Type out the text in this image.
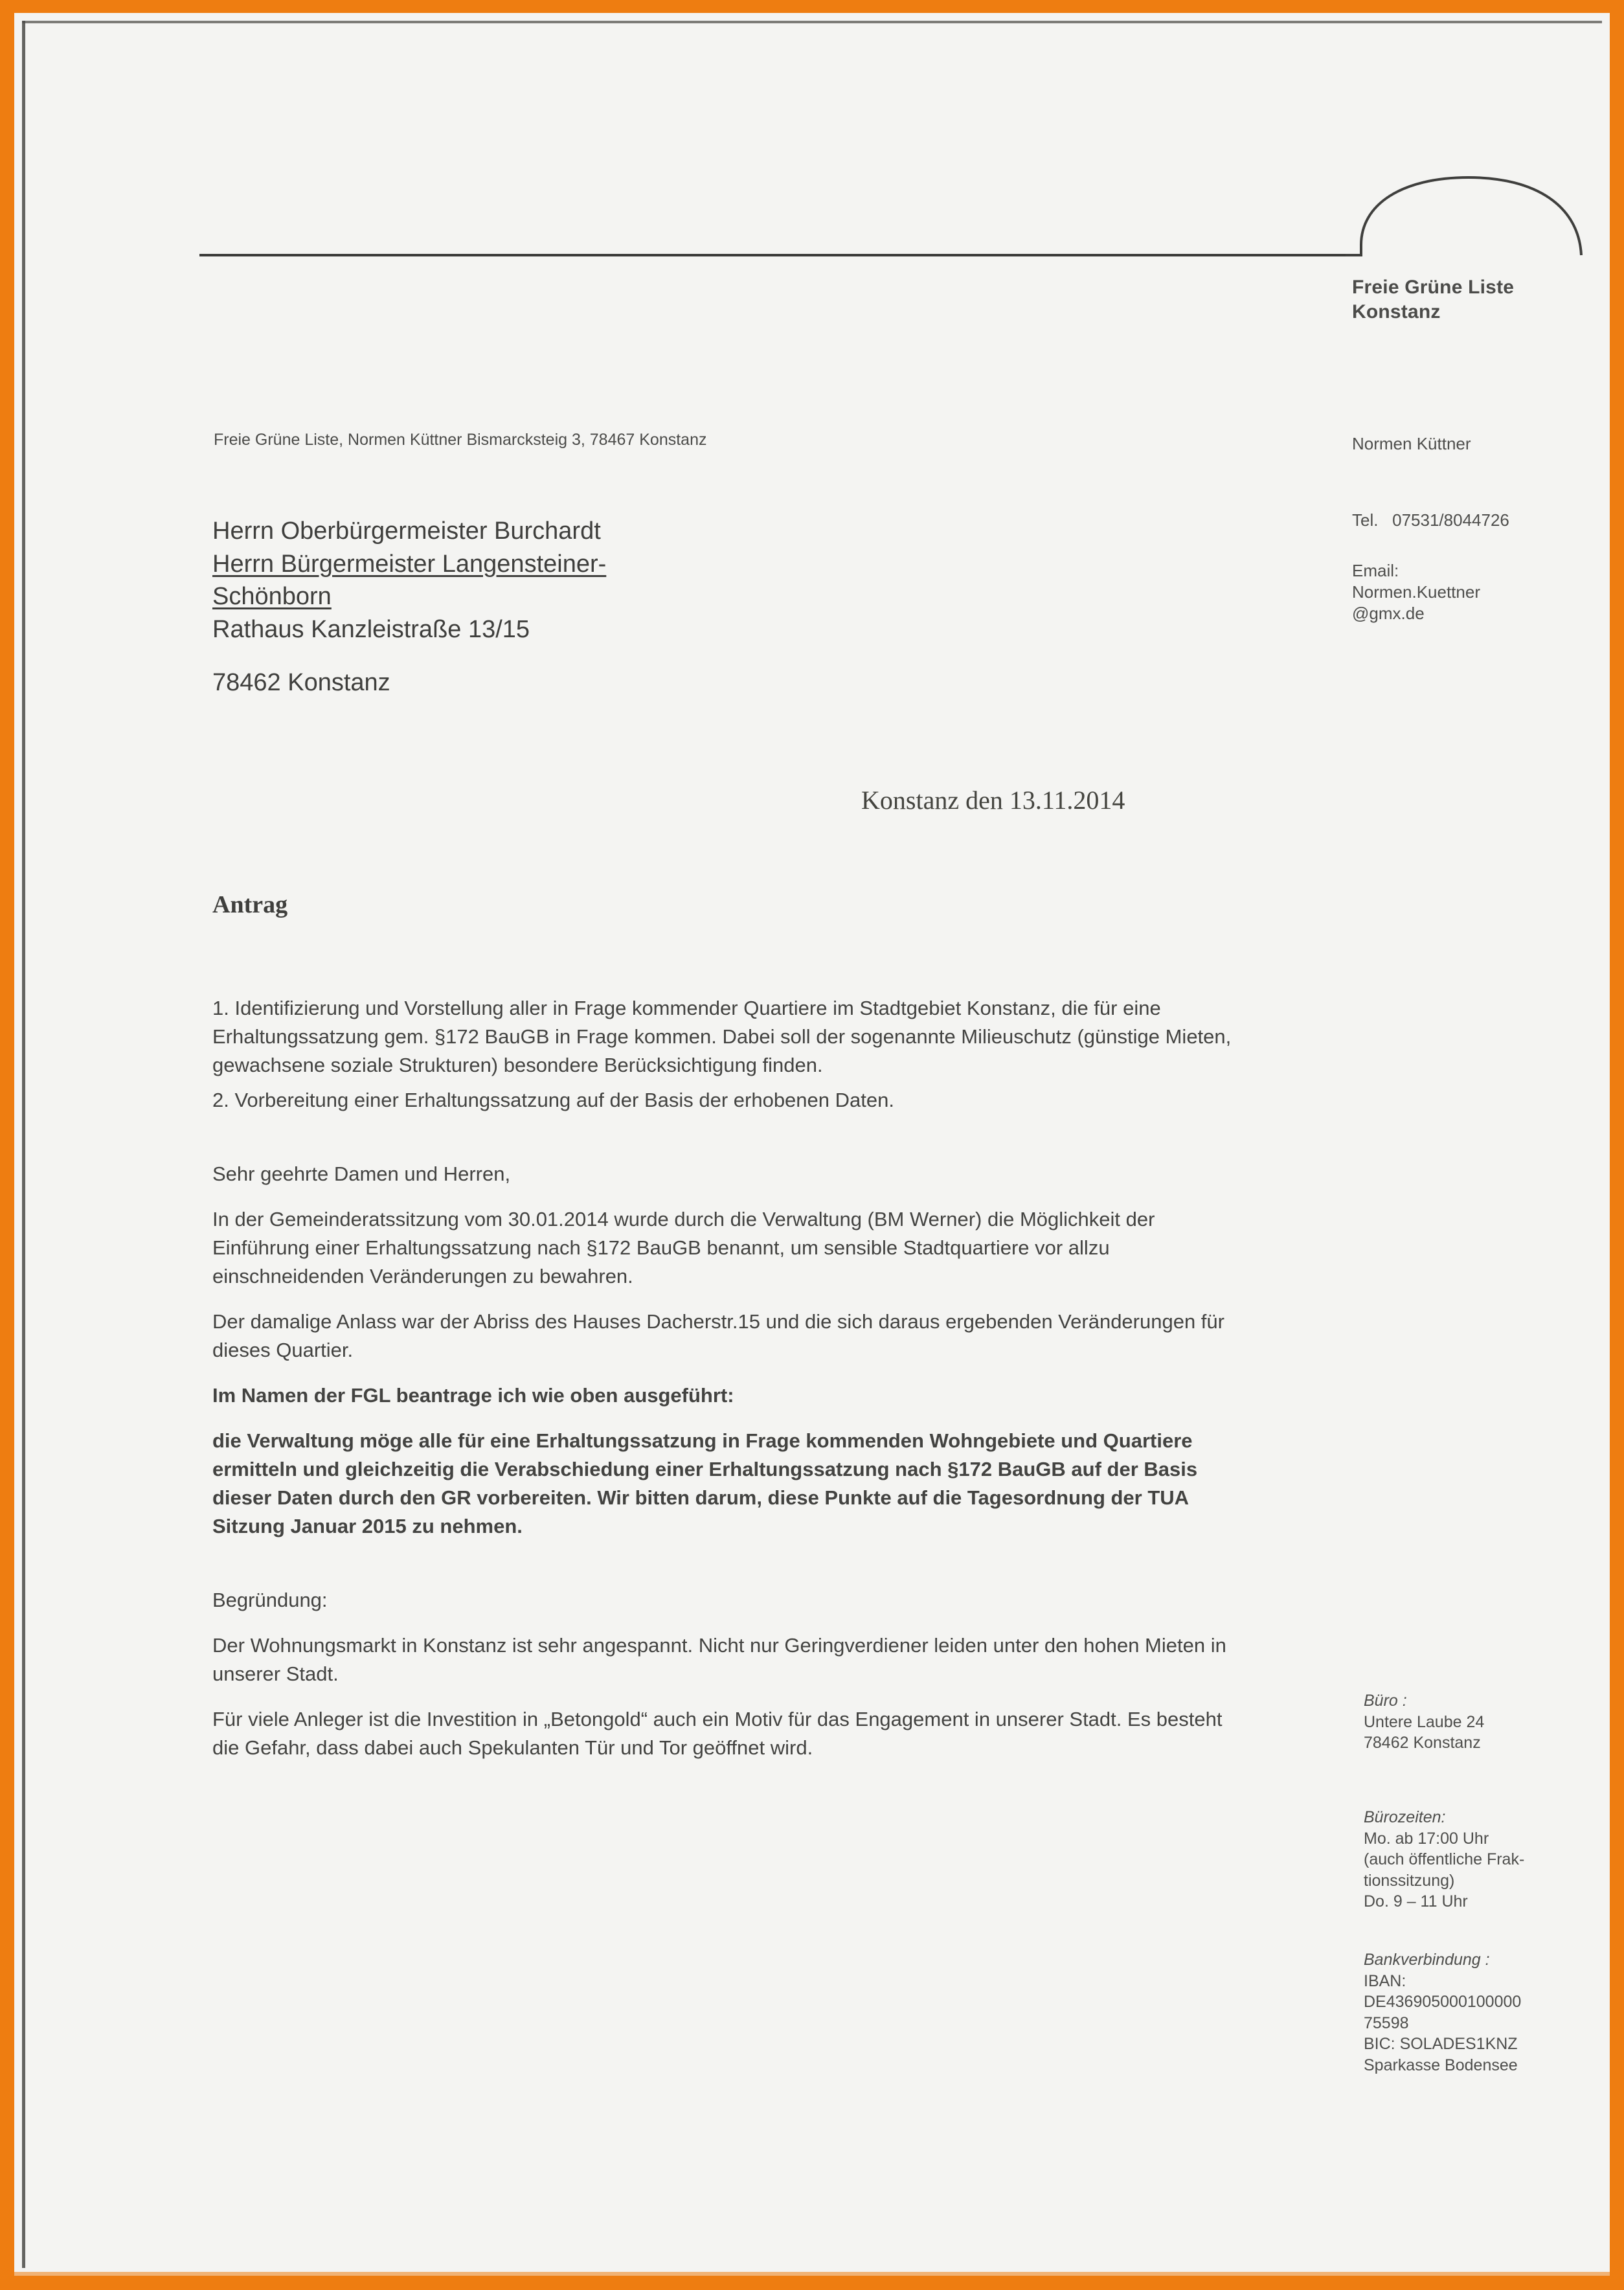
Freie Grüne Liste
Konstanz
Normen Küttner
Tel.   07531/8044726
Email:
Normen.Kuettner
@gmx.de
Büro :
Untere Laube 24
78462 Konstanz
Bürozeiten:
Mo. ab 17:00 Uhr
(auch öffentliche Frak-
tionssitzung)
Do. 9 – 11 Uhr
Bankverbindung :
IBAN:
DE436905000100000
75598
BIC: SOLADES1KNZ
Sparkasse Bodensee
Freie Grüne Liste, Normen Küttner Bismarcksteig 3, 78467 Konstanz
Herrn Oberbürgermeister Burchardt
Herrn Bürgermeister Langensteiner-
Schönborn
Rathaus Kanzleistraße 13/15
78462 Konstanz
Konstanz den 13.11.2014
Antrag

1. Identifizierung und Vorstellung aller in Frage kommender Quartiere im Stadtgebiet Konstanz, die für eine Erhaltungssatzung gem. §172 BauGB in Frage kommen. Dabei soll der sogenannte Milieuschutz (günstige Mieten, gewachsene soziale Strukturen) besondere Berücksichtigung finden.

2. Vorbereitung einer Erhaltungssatzung auf der Basis der erhobenen Daten.

Sehr geehrte Damen und Herren,

In der Gemeinderatssitzung vom 30.01.2014 wurde durch die Verwaltung (BM Werner) die Möglichkeit der Einführung einer Erhaltungssatzung nach §172 BauGB benannt, um sensible Stadtquartiere vor allzu einschneidenden Veränderungen zu bewahren.

Der damalige Anlass war der Abriss des Hauses Dacherstr.15 und die sich daraus ergebenden Veränderungen für dieses Quartier.

Im Namen der FGL beantrage ich wie oben ausgeführt:

die Verwaltung möge alle für eine Erhaltungssatzung in Frage kommenden Wohngebiete und Quartiere ermitteln und gleichzeitig die Verabschiedung einer Erhaltungssatzung nach §172 BauGB auf der Basis dieser Daten durch den GR vorbereiten. Wir bitten darum, diese Punkte auf die Tagesordnung der TUA Sitzung Januar 2015 zu nehmen.

Begründung:

Der Wohnungsmarkt in Konstanz ist sehr angespannt. Nicht nur Geringverdiener leiden unter den hohen Mieten in unserer Stadt.

Für viele Anleger ist die Investition in „Betongold“ auch ein Motiv für das Engagement in unserer Stadt. Es besteht die Gefahr, dass dabei auch Spekulanten Tür und Tor geöffnet wird.
